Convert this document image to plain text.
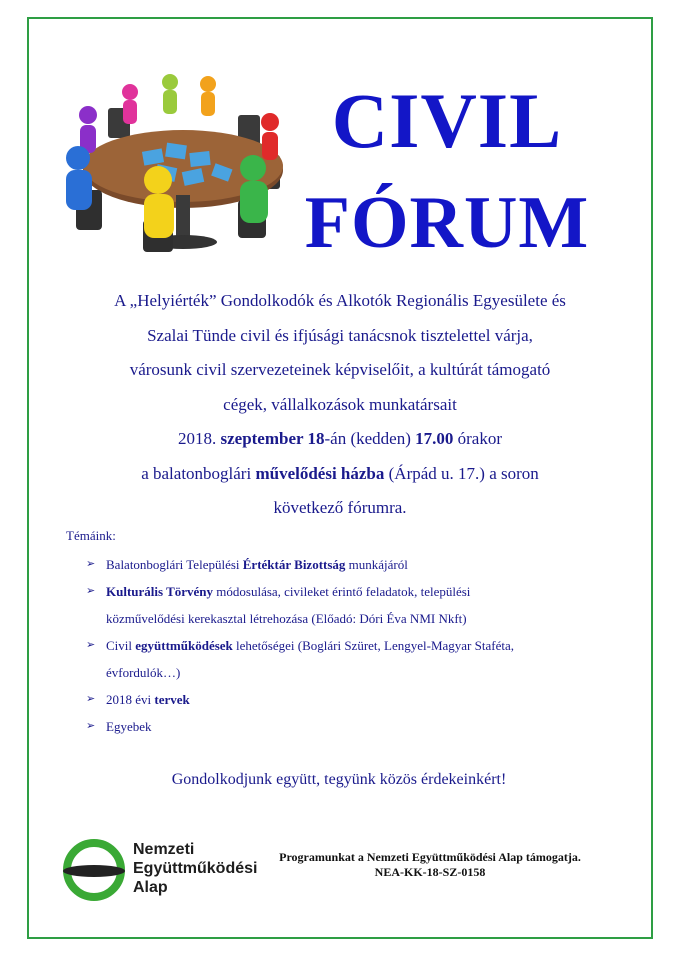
CIVIL
FÓRUM
A „Helyiérték” Gondolkodók és Alkotók Regionális Egyesülete és
Szalai Tünde civil és ifjúsági tanácsnok tisztelettel várja,
városunk civil szervezeteinek képviselőit, a kultúrát támogató
cégek, vállalkozások munkatársait
2018. szeptember 18-án (kedden) 17.00 órakor
a balatonboglári művelődési házba (Árpád u. 17.) a soron
következő fórumra.
Témáink:
➢ Balatonboglári Települési Értéktár Bizottság munkájáról
➢ Kulturális Törvény módosulása, civileket érintő feladatok, települési
közművelődési kerekasztal létrehozása (Előadó: Dóri Éva NMI Nkft)
➢ Civil együttműködések lehetőségei (Boglári Szüret, Lengyel-Magyar Staféta,
évfordulók…)
➢ 2018 évi tervek
➢ Egyebek
Gondolkodjunk együtt, tegyünk közös érdekeinkért!
Nemzeti
Együttműködési
Alap
Programunkat a Nemzeti Együttműködési Alap támogatja.
NEA-KK-18-SZ-0158
